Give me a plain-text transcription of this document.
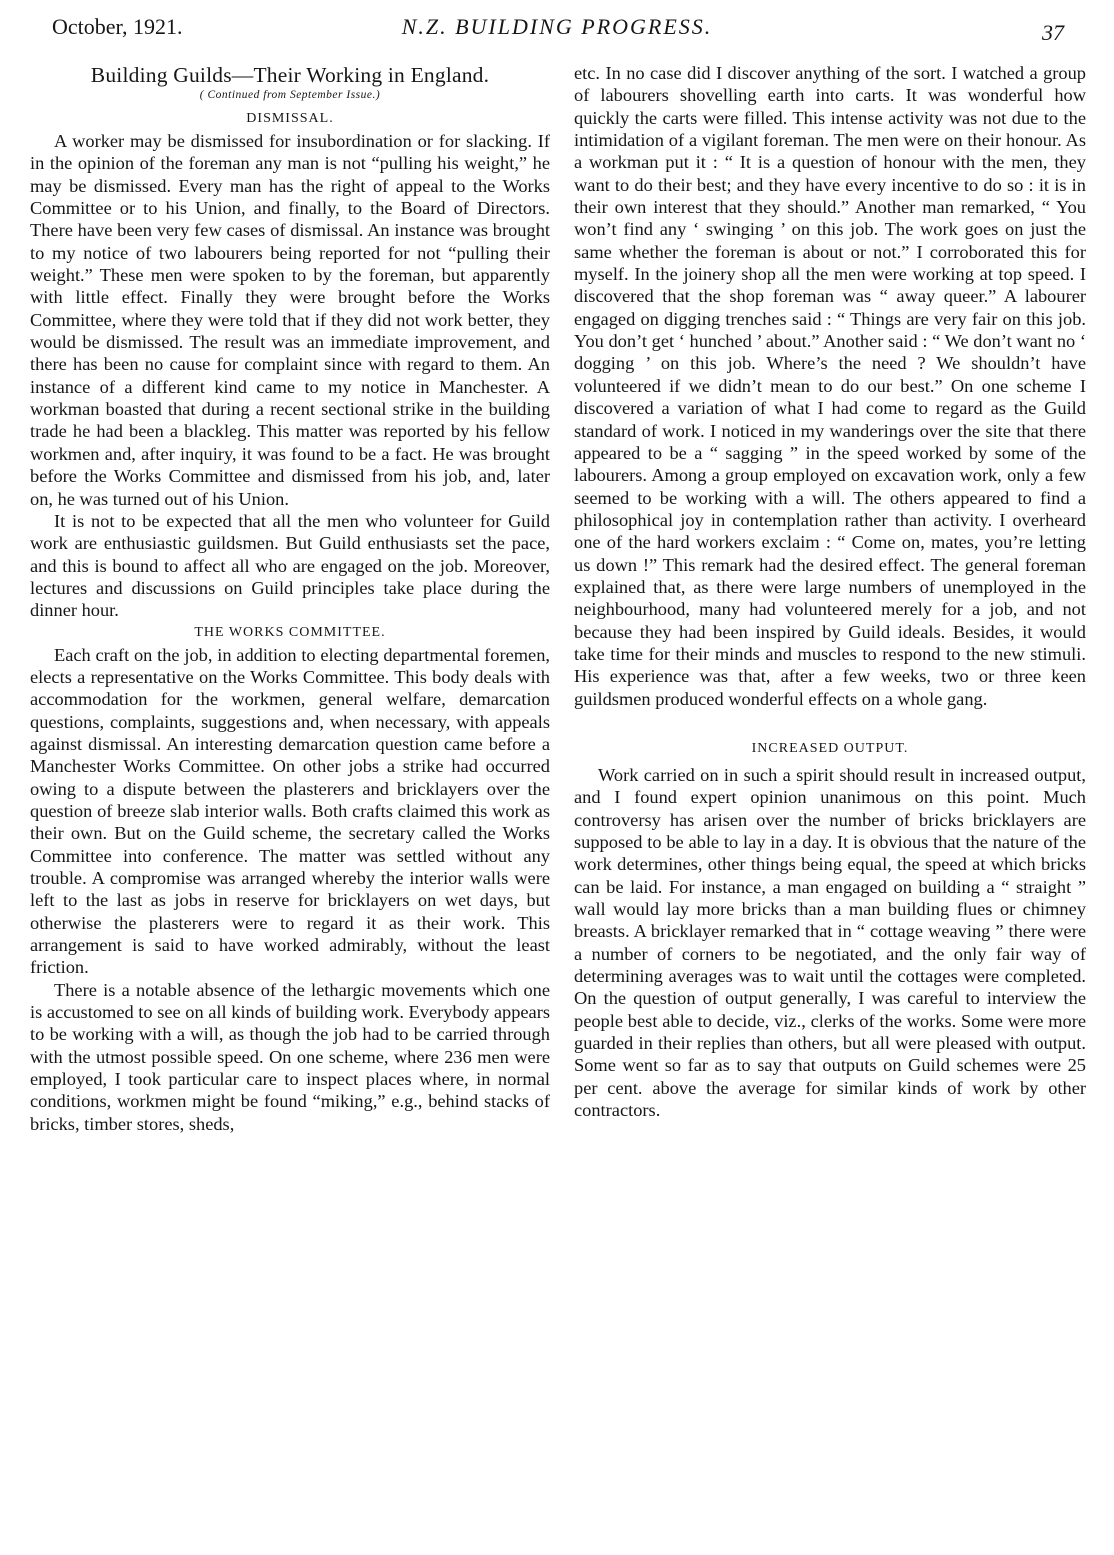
October, 1921.	N.Z. BUILDING PROGRESS.	37
Building Guilds—Their Working in England.
( Continued from September Issue.)
DISMISSAL.

A worker may be dismissed for insubordination or for slacking. If in the opinion of the foreman any man is not “pulling his weight,” he may be dismissed. Every man has the right of appeal to the Works Committee or to his Union, and finally, to the Board of Directors. There have been very few cases of dismissal. An instance was brought to my notice of two labourers being reported for not “pulling their weight.” These men were spoken to by the foreman, but apparently with little effect. Finally they were brought before the Works Committee, where they were told that if they did not work better, they would be dismissed. The result was an immediate improvement, and there has been no cause for complaint since with regard to them. An instance of a different kind came to my notice in Manchester. A workman boasted that during a recent sectional strike in the building trade he had been a blackleg. This matter was reported by his fellow workmen and, after inquiry, it was found to be a fact. He was brought before the Works Committee and dismissed from his job, and, later on, he was turned out of his Union.

It is not to be expected that all the men who volunteer for Guild work are enthusiastic guildsmen. But Guild enthusiasts set the pace, and this is bound to affect all who are engaged on the job. Moreover, lectures and discussions on Guild principles take place during the dinner hour.

THE WORKS COMMITTEE.

Each craft on the job, in addition to electing departmental foremen, elects a representative on the Works Committee. This body deals with accommodation for the workmen, general welfare, demarcation questions, complaints, suggestions and, when necessary, with appeals against dismissal. An interesting demarcation question came before a Manchester Works Committee. On other jobs a strike had occurred owing to a dispute between the plasterers and bricklayers over the question of breeze slab interior walls. Both crafts claimed this work as their own. But on the Guild scheme, the secretary called the Works Committee into conference. The matter was settled without any trouble. A compromise was arranged whereby the interior walls were left to the last as jobs in reserve for bricklayers on wet days, but otherwise the plasterers were to regard it as their work. This arrangement is said to have worked admirably, without the least friction.

There is a notable absence of the lethargic movements which one is accustomed to see on all kinds of building work. Everybody appears to be working with a will, as though the job had to be carried through with the utmost possible speed. On one scheme, where 236 men were employed, I took particular care to inspect places where, in normal conditions, workmen might be found “miking,” e.g., behind stacks of bricks, timber stores, sheds,

etc. In no case did I discover anything of the sort. I watched a group of labourers shovelling earth into carts. It was wonderful how quickly the carts were filled. This intense activity was not due to the intimidation of a vigilant foreman. The men were on their honour. As a workman put it : “ It is a question of honour with the men, they want to do their best; and they have every incentive to do so : it is in their own interest that they should.” Another man remarked, “ You won’t find any ‘ swinging ’ on this job. The work goes on just the same whether the foreman is about or not.” I corroborated this for myself. In the joinery shop all the men were working at top speed. I discovered that the shop foreman was “ away queer.” A labourer engaged on digging trenches said : “ Things are very fair on this job. You don’t get ‘ hunched ’ about.” Another said : “ We don’t want no ‘ dogging ’ on this job. Where’s the need ? We shouldn’t have volunteered if we didn’t mean to do our best.” On one scheme I discovered a variation of what I had come to regard as the Guild standard of work. I noticed in my wanderings over the site that there appeared to be a “ sagging ” in the speed worked by some of the labourers. Among a group employed on excavation work, only a few seemed to be working with a will. The others appeared to find a philosophical joy in contemplation rather than activity. I overheard one of the hard workers exclaim : “ Come on, mates, you’re letting us down !” This remark had the desired effect. The general foreman explained that, as there were large numbers of unemployed in the neighbourhood, many had volunteered merely for a job, and not because they had been inspired by Guild ideals. Besides, it would take time for their minds and muscles to respond to the new stimuli. His experience was that, after a few weeks, two or three keen guildsmen produced wonderful effects on a whole gang.

INCREASED OUTPUT.

Work carried on in such a spirit should result in increased output, and I found expert opinion unanimous on this point. Much controversy has arisen over the number of bricks bricklayers are supposed to be able to lay in a day. It is obvious that the nature of the work determines, other things being equal, the speed at which bricks can be laid. For instance, a man engaged on building a “ straight ” wall would lay more bricks than a man building flues or chimney breasts. A bricklayer remarked that in “ cottage weaving ” there were a number of corners to be negotiated, and the only fair way of determining averages was to wait until the cottages were completed. On the question of output generally, I was careful to interview the people best able to decide, viz., clerks of the works. Some were more guarded in their replies than others, but all were pleased with output. Some went so far as to say that outputs on Guild schemes were 25 per cent. above the average for similar kinds of work by other contractors.
